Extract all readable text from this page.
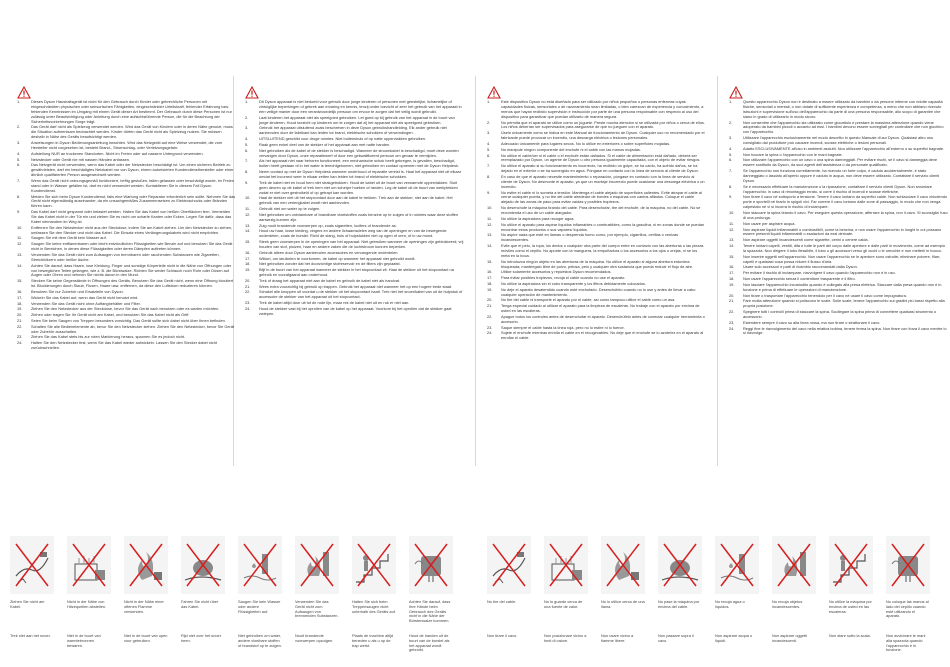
1.	Dieses Dyson Haushaltsgerät ist nicht für den Gebrauch durch Kinder oder gebrechliche Personen mit eingeschränkten physischen oder sensorischen Fähigkeiten, eingeschränkter Urteilskraft, fehlender Erfahrung bzw. fehlenden Kenntnissen im Umgang mit einem Gerät dieser Art bestimmt. Der Gebrauch durch diese Personen ist nur zulässig unter Beaufsichtigung oder Anleitung durch eine aufsichtsführende Person, die für die Beachtung der Sicherheitsvorkehrungen Sorge trägt.
2.	Das Gerät darf nicht als Spielzeug verwendet werden. Wird das Gerät von Kindern oder in deren Nähe genutzt, muss die Situation aufmerksam beobachtet werden. Kinder dürfen das Gerät nicht als Spielzeug nutzen. Sie müssen deshalb in Nähe des Geräts beaufsichtigt werden.
3.	Anweisungen in Dyson Bedienungsanleitung beachten. Wird das Netzgerät auf eine Weise verwendet, die vom Hersteller nicht vorgesehen ist, besteht Brand-, Stromschlag- oder Verletzungsgefahr.
4.	Aufstellung NUR an trockenen Standorten. Nicht im Freien oder auf nassem Untergrund verwenden.
5.	Netzstecker oder Gerät nie mit nassen Händen anfassen.
6.	Das Netzgerät nicht verwenden, wenn das Kabel oder der Netzstecker beschädigt ist. Um einen sicheren Betrieb zu gewährleisten, darf ein beschädigtes Netzkabel nur von Dyson, einem autorisierten Kundendiensthersteller oder einer ähnlich qualifizierten Person ausgewechselt werden.
7.	Wenn das Gerät nicht ordnungsgemäß funktioniert, heftig gestoßen, fallen gelassen oder beschädigt wurde, im Freien stand oder in Wasser gefallen ist, darf es nicht verwendet werden. Kontaktieren Sie in diesem Fall Dyson Kundendienst.
8.	Melden Sie sich beim Dyson Kundendienst, falls eine Wartung oder Reparatur erforderlich sein sollte. Nehmen Sie das Gerät nicht eigenständig auseinander, da ein unsachgemäßes Zusammensetzen zu Elektroschocks oder Bränden führen kann.
9.	Das Kabel darf nicht gespannt oder belastet werden. Halten Sie das Kabel von heißen Oberflächen fern. Vermeiden Sie das Kabel nicht in der Tür ein und ziehen Sie es nicht um scharfe Kanten oder Ecken. Legen Sie dafür, dass das Kabel niemandem im Weg ist.
10. Entfernen Sie den Netzstecker nicht aus der Steckdose, indem Sie am Kabel ziehen. Um den Netzstecker zu ziehen, umfassen Sie den Stecker und nicht das Kabel. Die Einsatz eines Verlängerungskabels wird nicht empfohlen.
11. Saugen Sie mit dem Gerät kein Wasser auf.
12. Saugen Sie keine entflammbaren oder leicht entzündlichen Flüssigkeiten wie Benzin auf und benutzen Sie das Gerät nicht in Bereichen, in denen diese Flüssigkeiten oder deren Dämpfen auftreten können.
13. Verwenden Sie das Gerät nicht zum Aufsaugen von brennbaren oder rauchenden Substanzen wie Zigaretten, Streichhölzern oder heißer Asche.
14. Achten Sie darauf, dass Haare, lose Kleidung, Finger und sonstige Körperteile nicht in die Nähe von Öffnungen oder von beweglichen Teilen gelangen, wie z. B. die Bürstwalze. Richten Sie weder Schlauch noch Rohr oder Düsen auf Augen oder Ohren und nehmen Sie nichts davon in den Mund.
15. Stecken Sie keine Gegenstände in Öffnungen des Geräts. Benutzen Sie das Gerät nicht, wenn eine Öffnung blockiert ist. Blockierungen durch Staub, Flusen, Haare usw. entfernen, da diese den Luftstrom reduzieren können.
16. Benutzen Sie nur Zubehör und Ersatzteile von Dyson.
17. Wickeln Sie das Kabel auf, wenn das Gerät nicht benutzt wird.
18. Verwenden Sie das Gerät nicht ohne Auffangbehälter und Filter.
19. Ziehen Sie den Netzstecker aus der Steckdose, bevor Sie das Gerät nach benutzen oder es warten möchten.
20. Ziehen oder tragen Sie Ihr Gerät nicht am Kabel, und benutzen Sie das Kabel nicht als Griff.
21. Seien Sie beim Saugen von Treppen besonders vorsichtig. Das Gerät sollte sich dabei nicht über Ihnen befinden.
22. Schalten Sie alle Bedienelemente ab, bevor Sie den Netzstecker ziehen. Ziehen Sie den Netzstecker, bevor Sie Gerät oder Zubehör ausschalten.
23. Ziehen Sie das Kabel stets bis zur roten Markierung heraus, spannen Sie es jedoch nicht.
24. Halten Sie den Netzstecker fest, wenn Sie das Kabel wieder aufwickeln. Lassen Sie den Stecker dabei nicht zurückschnellen.
1.	Dit Dyson apparaat is niet bedoeld voor gebruik door jonge kinderen of personen met geestelijke, lichamelijke of zintuiglijke beperkingen of gebrek aan ervaring en kennis, tenzij onder toezicht of zeer het gebruik van het apparaat in een veilige manier door een verantwoordelijk persoon om ervoor te zorgen dat het veilig wordt gebruikt.
2.	Laat kinderen het apparaat niet als speelgoed gebruiken. Let goed op bij gebruik van het apparaat in de buurt van jonge kinderen. Houd toezicht op kinderen om te zorgen dat zij het apparaat niet als speelgoed gebruiken.
3.	Gebruik het apparaat uitsluitend zoals beschreven in deze Dyson gebruikshandleiding. Elk ander gebruik niet aanbevolen door de fabrikant kan leiden tot brand, elektrische schokken of verwondingen.
4.	UITSLUITEND geschikt voor droge ruimtes. Niet buitenshuis of op natte oppervlakken gebruiken.
5.	Raak geen enkel deel van de stekker of het apparaat aan met natte handen.
6.	Niet gebruiken als de kabel of de stekker is beschadigd. Wanneer de stroomkabel is beschadigd, moet deze worden vervangen door Dyson, onze reparatiewerf of door een gekwalificeerd persoon om gevaar te vermijden.
7.	Als het apparaat niet naar behoren functioneert, een mechanische schok heeft gekregen, is gevallen, beschadigd, buiten heeft gestaan of in het water is terechtgekomen, niet gebruiken en contact opnemen met de Dyson Helpdesk.
8.	Neem contact op met de Dyson Helpdesk wanneer onderhoud of reparatie vereist is. Haal het apparaat niet uit elkaar omdat het incorrect weer in elkaar zetten kan leiden tot brand of elektrische schokken.
9.	Trek de kabel niet en houd hem niet strakgetrokken. Houd de kabel uit de buurt van verwarmde oppervlakken. Sluit geen deuren op de kabel of trek hem niet om scherpe hoeken of randen. Leg de kabel uit de buurt van werkplekken zodat er niet over gestruikeld of op getrapt kan worden.
10. Haal de stekker niet uit het stopcontact door aan de kabel te trekken. Trek aan de stekker, niet aan de kabel. Het gebruik van een verlengkabel wordt niet aanbevolen.
11. Gebruik niet om water op te zuigen.
12. Niet gebruiken om ontvlambare of brandbare vloeistoffen zoals benzine op te zuigen of in ruimtes waar deze stoffen aanwezig kunnen zijn.
13. Zuig nooit brandende voorwerpen op, zoals sigaretten, lucifers of brandende as.
14. Houd uw haar, losse kleding, vingers en andere lichaamsdelen weg van de openingen en van de bewegende onderdelen, zoals de borstel. Richt de slang, buis of hulpstukken niet op ogen of oren, of in uw mond.
15. Steek geen voorwerpen in de openingen van het apparaat. Niet gebruiken wanneer de openingen zijn geblokkeerd; vrij houden van stof, pluizen, haar en andere zaken die de luchtstroom kunnen beperken.
16. Gebruik alleen door Dyson aanbevolen accessoires en vervangende onderdelen.
17. Wikkel, om struikelen te voorkomen, de kabel op wanneer het apparaat niet gebruikt wordt.
18. Niet gebruiken zonder dat het doorzichtige stofreservoir en de filters zijn geplaatst.
19. Blijf in de buurt van het apparaat wanneer de stekker in het stopcontact zit. Haal de stekker uit het stopcontact na gebruik en voorafgaand aan onderhoud.
20. Trek of draag het apparaat niet aan de kabel en gebruik de kabel niet als handvat.
21. Wees extra voorzichtig bij gebruik op trappen. Gebruik het apparaat niet wanneer het op een hogere trede staat.
22. Schakel alle knoppen uit voordat u de stekker uit het stopcontact haalt. Trek niet het snoer/kabel van uit de hulpstuk of accessoire de stekker van het apparaat uit het stopcontact.
23. Trek de kabel altijd door uit tot de rode lijn, maar rek de kabel niet uit en ruk er niet aan.
24. Houd de stekker vast bij het oprollen van de kabel op het apparaat. Voorkom bij het oprollen dat de stekker gaat zwiepen.
1.	Este dispositivo Dyson no está diseñado para ser utilizado por niños pequeños o personas enfermas cuyas capacidades físicas, sensoriales o de razonamiento sean limitadas, o bien carezcan de experiencia y conocimiento, a menos que hayan recibido supervisión e instrucción por parte de una persona responsable con respecto al uso del dispositivo para garantizar que puedan utilizarlo de manera segura.
2.	No permita que el aparato se utilice como un juguete. Preste mucha atención si se utilizada por niños o cerca de ellos. Los niños deberían ser supervisados para asegurarse de que no jueguen con el aparato.
3.	Úselo únicamente como se indica en este Manual de funcionamiento de Dyson. Cualquier uso no recomendado por el fabricante puede provocar un incendio, una descarga eléctrica o lesiones personales.
4.	Adecuado únicamente para lugares secos. No lo utilice en exteriores o sobre superficies mojadas.
5.	No manipule ningún componente del enchufe ni el cable con las manos mojadas.
6.	No utilice el cable/cer si el cable o el enchufe están dañados. Si el cable de alimentación está dañado, deberá ser reemplazado por Dyson, un agente de Dyson u otro persona igualmente capacitada, con el objeto de evitar riesgos.
7.	No utilice el aparato si su funcionamiento es incorrecto, ha recibido un golpe, se ha caído, ha sufrido daños, se ha dejado en el exterior o se ha sumergido en agua. Póngase en contacto con la línea de servicio al cliente de Dyson.
8.	En caso de que el aparato necesite mantenimiento o reparación, póngase en contacto con la línea de servicio al cliente de Dyson. No desmonte el aparato, ya que un montaje incorrecto puede ocasionar una descarga eléctrica o un incendio.
9.	No estire el cable ni lo someta a tensión. Mantenga el cable alejado de superficies calientes. Evite atrapar el cable al cerrar cualquier puerta, y no tire del cable alrededor de bordes o esquinas con cantos afilados. Coloque el cable alejado de las zonas de paso para evitar caídas y posibles tropiezos.
10. No desenchufe la máquina tirando del cable. Para desenchufar, tire del enchufe, de la máquina, no del cable. No se recomienda el uso de un cable alargador.
11. No utilice la aspiradora para recoger agua.
12. No utilice el aparato para aspirar líquidos inflamables o combustibles, como la gasolina, ni en zonas donde se puedan encontrar estos productos o sus vapores/ líquidos.
13. No aspire nada que esté en llamas o desprenda humo como, por ejemplo, cigarrillos, cerillas o cenizas incandescentes.
14. Evite que el pelo, la ropa, los dedos o cualquier otra parte del cuerpo entre en contacto con las aberturas o las piezas móviles como el cepillo. No apunte con la manguera, la empuñadura o los accesorios a los ojos u orejas, ni se los meta en la boca.
15. No introduzca ningún objeto en las aberturas de la máquina. No utilice el aparato si alguna abertura estuviera bloqueada; manténgalo libre de polvo, pelusa, pelo y cualquier otra sustancia que pueda reducir el flujo de aire.
16. Utilice solamente accesorios y repuestos Dyson recomendados.
17. Para evitar posibles tropiezos, recoja el cable cuando no use el aparato.
18. No utilice la aspiradora sin el cubo transparente y los filtros debidamente colocados.
19. No deje el aparato desatendido cuando esté enchufado. Desenchúfelo cuando no lo use y antes de llevar a cabo cualquier operación de mantenimiento.
20. No tire del cable ni transporte el aparato por el cable, así como tampoco utilice el cable como un asa.
21. Tenga especial cuidado al utilizar el aparato para la limpieza de escaleras. No trabaje con el aparato por encima de usted en las escaleras.
22. Apague todos los controles antes de desenchufar el aparato. Desenchúfelo antes de conectar cualquier herramienta o accesorio.
23. Saque siempre el cable hasta la línea roja, pero no lo estire ni lo fuerce.
24. Sujete el enchufe mientras enrolla el cable en el recogecables. No deje que el enchufe se lo azote/ez en el aparato al enrollar el cable.
1.	Questo apparecchio Dyson non è destinato a essere utilizzato da bambini o da persone inferme con ridotte capacità fisiche, sensoriali o mentali, o non dotate di sufficiente esperienza e competenza, a meno che non abbiano ricevuto istruzioni e supervisione sull'uso dell'apparecchio da parte di una persona responsabile, allo scopo di garantire che siano in grado di utilizzarlo in modo sicuro.
2.	Non consentire che l'apparecchio sia utilizzato come giocattolo e prestare la massima attenzione quando viene adoperato da bambini piccoli o accanto ad essi. I bambini devono essere sorvegliati per controllare che non giochino con l'apparecchio.
3.	Utilizzare l'apparecchio esclusivamente nel modo descritto in questo Manuale d'uso Dyson. Qualsiasi altro uso consigliato dal produttore può causare incendi, scosse elettriche o lesioni personali.
4.	Adatto ESCLUSIVAMENTE all'uso in ambienti asciutti. Non utilizzare l'apparecchio all'esterno o su superfici bagnate.
5.	Non toccare la spina o l'apparecchio con le mani bagnate.
6.	Non utilizzare l'apparecchio con un cavo o una spina danneggiati. Per evitare rischi, se il cavo si danneggia deve essere sostituito da Dyson, da suoi agenti dell'assistenza o da personale qualificato.
7.	Se l'apparecchio non funziona correttamente, ha ricevuto un forte colpo, è caduto accidentalmente, è stato danneggiato o lasciato all'aperto oppure è caduto in acqua, non deve essere utilizzato. Contattare il servizio clienti Dyson.
8.	Se è necessario effettuare la manutenzione o la riparazione, contattare il servizio clienti Dyson. Non smontare l'apparecchio: in caso di rimontaggio errato, si corre il rischio di incendi e scosse elettriche.
9.	Non tirare il cavo né sottoporlo a tensione. Tenere il cavo lontano da superfici calde. Non schiacciare il cavo chiudendo porte e sportelli né tirarlo in spigoli vivi. Far correre il cavo lontano dalle zone di passaggio, in modo che non venga calpestato né vi si incorra in rischio di inciampare.
10. Non staccare la spina tirando il cavo. Per eseguire questa operazione, afferrare la spina, non il cavo. Si sconsiglia l'uso di una prolunga.
11. Non usare per aspirare acqua.
12. Non aspirare liquidi infiammabili o combustibili, come la benzina, e non usare l'apparecchio in luoghi in cui possano essere presenti liquidi infiammabili o esalazioni da essi derivate.
13. Non aspirare oggetti incandescenti come sigarette, cerini o cenere calda.
14. Tenere lontani capelli, vestiti, dita e tutte le parti del corpo dalle aperture e dalle parti in movimento, come ad esempio la spazzola. Non dirigere il tubo flessibile, il tubo o gli accessori verso gli occhi o le orecchie e non metterli in bocca.
15. Non inserire oggetti nell'apparecchio. Non usare l'apparecchio se le aperture sono ostruite; eliminare polvere, filarr, capelli e qualsiasi cosa possa ridurre il flusso d'aria.
16. Usare solo accessori e parti di ricambio raccomandati dalla Dyson.
17. Per evitare il rischio di inciampare, riavvolgere il cavo quando l'apparecchio non è in uso.
18. Non usare l'apparecchio senza il contenitore trasparente e il filtro.
19. Non lasciare l'apparecchio incustodito quando è collegato alla presa elettrica. Staccare dalla presa quando non è in funzione e prima di effettuare le operazioni di manutenzione.
20. Non tirare o trasportare l'apparecchio tenendolo per il cavo né usare il cavo come impugnatura.
21. Fare molta attenzione quando si puliscono le scale. Sulle scale, tenere l'apparecchio sui gradini più bassi rispetto alla propria posizione.
22. Spegnere tutti i controlli prima di staccare la spina. Scollegare la spina prima di connettere qualsiasi strumento o accessorio.
23. Estendere sempre il cavo su alla linea rossa, ma non tirare o strattonare il cavo.
24. Reggi fine le riavvolgimento del cavo nella relativa bobina, tenere ferma la spina. Non tirare con forza il cavo mentre lo si riavvolge.
Ziehen Sie nicht am Kabel.
Trek niet aan het snoer.
Nicht in der Nähe von Hitzequellen abstellen.
Niet in de buurt van warmtebronnen bewaren.
Nicht in der Nähe einer offenen Flamme verwenden.
Niet in de buurt van open vuur gebruiken.
Fahren Sie nicht über das Kabel.
Rijd niet over het snoer heen.
Saugen Sie kein Wasser oder andere Flüssigkeiten auf.
Niet gebruiken om water, andere vloeibare stoffen of brandstof op te zuigen.
Verwenden Sie das Gerät nicht zum Aufsaugen von brennenden Substanzen.
Nooit brandende voorwerpen opzuigen.
Halten Sie sich beim Treppensaugen nicht unterhalb des Geräts auf.
Plaats de machine altijd beneden u als u op de trap werkt.
Achten Sie darauf, dass Ihre Hände beim Gebrauch des Geräts nicht in die Nähe der Bürstenwalze kommen.
Houd de handen uit de buurt van de borstel als het apparaat wordt gebruikt.
No tire del cable.
Non tirare il cavo.
No lo guarde cerca de una fuente de calor.
Non posizionare vicino a fonti di calore.
No lo utilice cerca de una llama.
Non usare vicino a fiamme libere.
No pase la máquina por encima del cable.
Non passare sopra il cavo.
No recoja agua o líquidos.
Non aspirare acqua o liquidi.
No recoja objetos incandescentes.
Non aspirare oggetti incandescenti.
No utilice la máquina por encima de usted en las escaleras.
Non stare sotto la scala.
No coloque las manos al lado del cepillo cuando esté utilizando el aparato.
Non avvicinare le mani alla spazzola quando l'apparecchio è in funzione.
